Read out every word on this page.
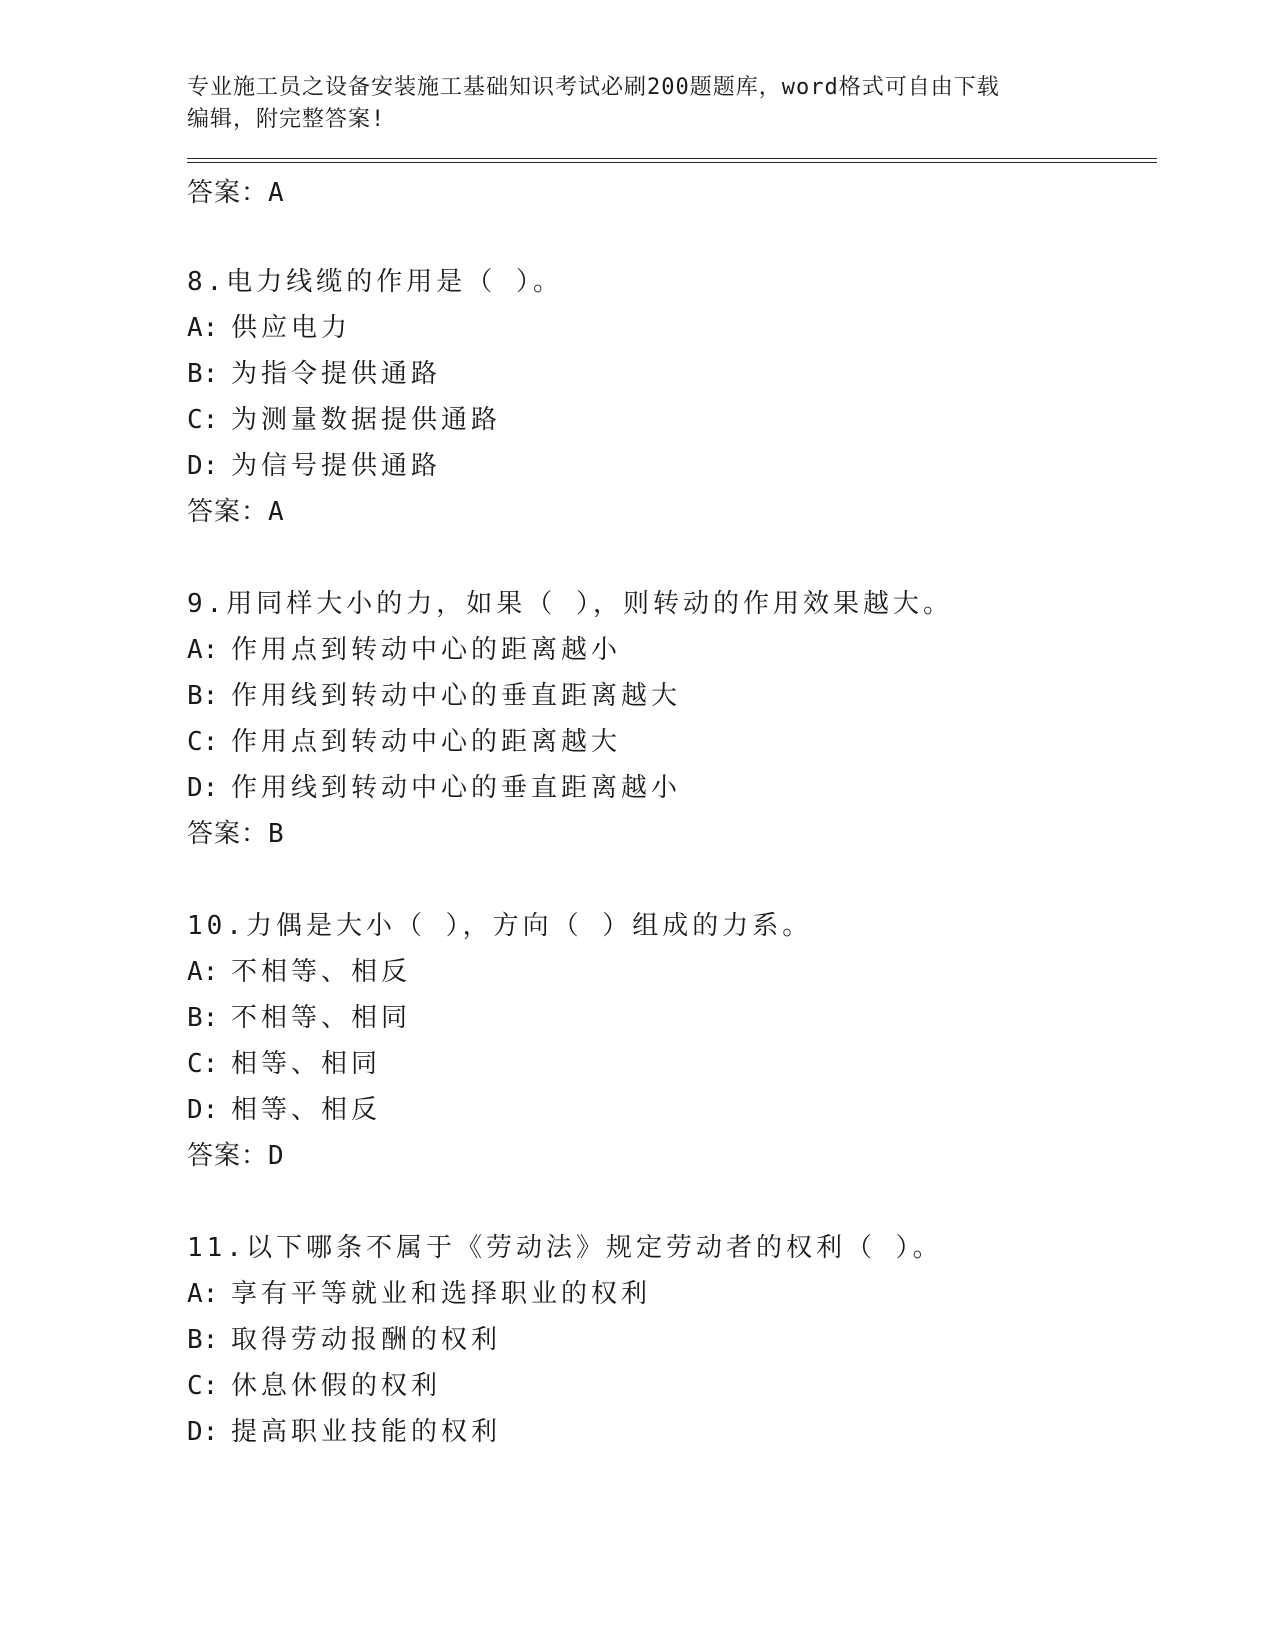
专业施工员之设备安装施工基础知识考试必刷200题题库，word格式可自由下载
编辑，附完整答案!

答案：A
8.电力线缆的作用是（ ）。
A: 供应电力
B: 为指令提供通路
C: 为测量数据提供通路
D: 为信号提供通路
答案：A
9.用同样大小的力，如果（ ），则转动的作用效果越大。
A: 作用点到转动中心的距离越小
B: 作用线到转动中心的垂直距离越大
C: 作用点到转动中心的距离越大
D: 作用线到转动中心的垂直距离越小
答案：B
10.力偶是大小（ ），方向（ ）组成的力系。
A: 不相等、相反
B: 不相等、相同
C: 相等、相同
D: 相等、相反
答案：D
11.以下哪条不属于《劳动法》规定劳动者的权利（ ）。
A: 享有平等就业和选择职业的权利
B: 取得劳动报酬的权利
C: 休息休假的权利
D: 提高职业技能的权利
